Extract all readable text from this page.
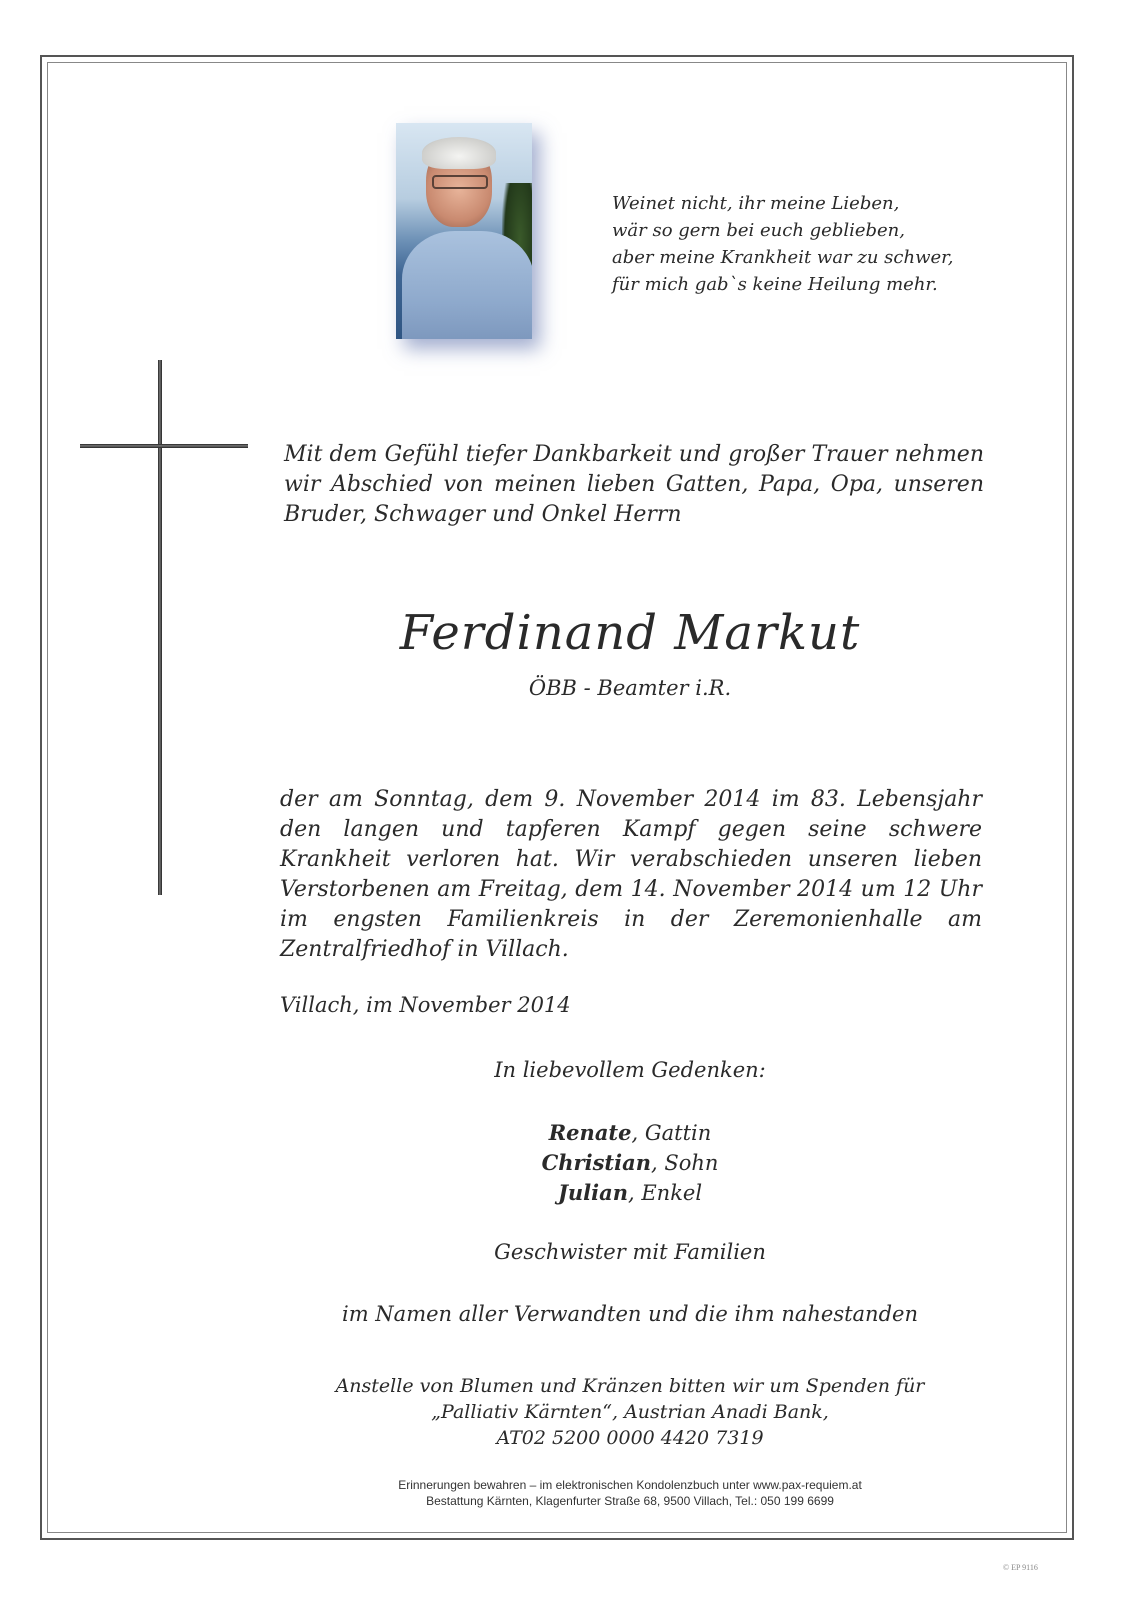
Weinet nicht, ihr meine Lieben,
wär so gern bei euch geblieben,
aber meine Krankheit war zu schwer,
für mich gab`s keine Heilung mehr.
Mit dem Gefühl tiefer Dankbarkeit und großer Trauer nehmen wir Abschied von meinen lieben Gatten, Papa, Opa, unseren Bruder, Schwager und Onkel Herrn
Ferdinand Markut
ÖBB - Beamter i.R.
der am Sonntag, dem 9. November 2014 im 83. Lebensjahr den langen und tapferen Kampf gegen seine schwere Krankheit verloren hat. Wir verabschieden unseren lieben Verstorbenen am Freitag, dem 14. November 2014 um 12 Uhr im engsten Familienkreis in der Zeremonienhalle am Zentralfriedhof in Villach.
Villach, im November 2014
In liebevollem Gedenken:
Renate, Gattin
Christian, Sohn
Julian, Enkel
Geschwister mit Familien
im Namen aller Verwandten und die ihm nahestanden
Anstelle von Blumen und Kränzen bitten wir um Spenden für
„Palliativ Kärnten“, Austrian Anadi Bank,
AT02 5200 0000 4420 7319
Erinnerungen bewahren – im elektronischen Kondolenzbuch unter www.pax-requiem.at
Bestattung Kärnten, Klagenfurter Straße 68, 9500 Villach, Tel.: 050 199 6699
© EP 9116
